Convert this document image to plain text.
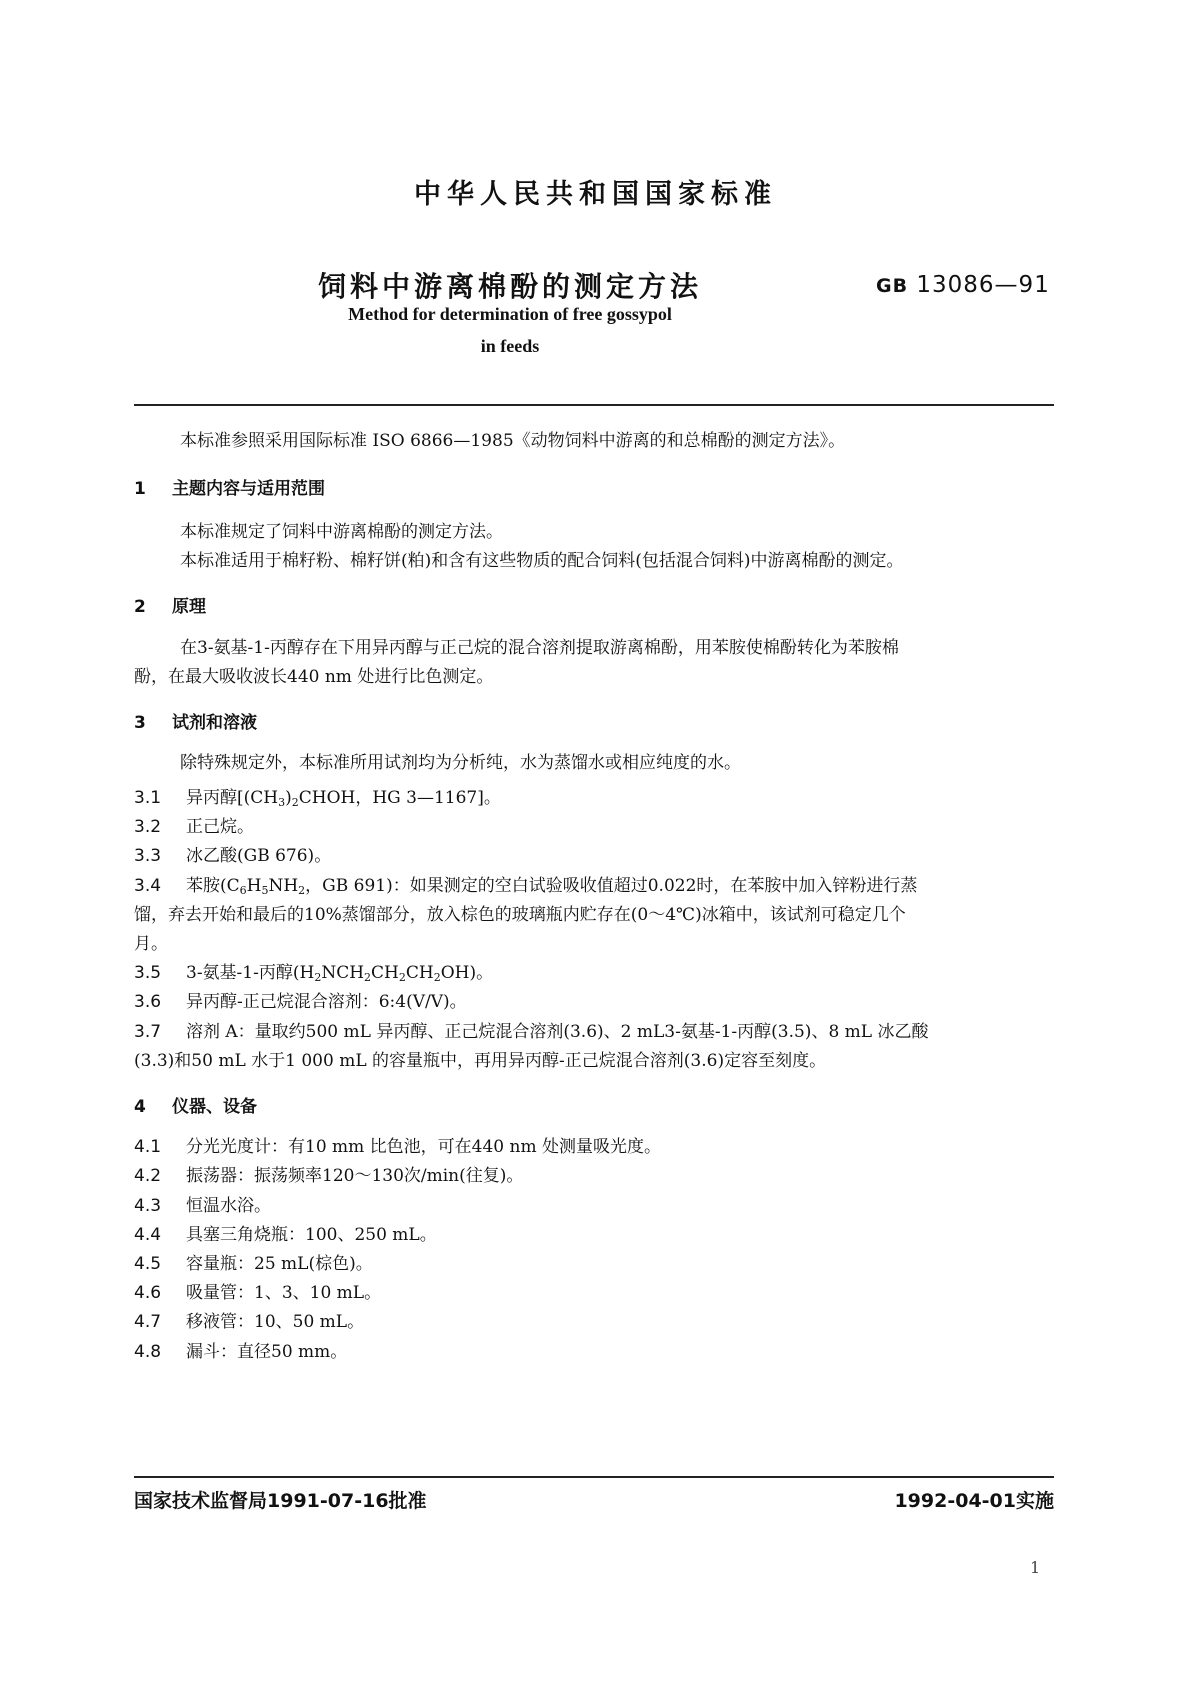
中华人民共和国国家标准
饲料中游离棉酚的测定方法	GB 13086—91
Method for determination of free gossypol
in feeds
本标准参照采用国际标准 ISO 6866—1985《动物饲料中游离的和总棉酚的测定方法》。
1 主题内容与适用范围
本标准规定了饲料中游离棉酚的测定方法。
本标准适用于棉籽粉、棉籽饼(粕)和含有这些物质的配合饲料(包括混合饲料)中游离棉酚的测定。
2 原理
在3-氨基-1-丙醇存在下用异丙醇与正己烷的混合溶剂提取游离棉酚，用苯胺使棉酚转化为苯胺棉
酚，在最大吸收波长440 nm 处进行比色测定。
3 试剂和溶液
除特殊规定外，本标准所用试剂均为分析纯，水为蒸馏水或相应纯度的水。
3.1 异丙醇[$(CH_3)_2CHOH$，HG 3—1167]。
3.2 正己烷。
3.3 冰乙酸(GB 676)。
3.4 苯胺($C_6H_5NH_2$，GB 691)：如果测定的空白试验吸收值超过0.022时，在苯胺中加入锌粉进行蒸
馏，弃去开始和最后的10%蒸馏部分，放入棕色的玻璃瓶内贮存在(0～4℃)冰箱中，该试剂可稳定几个
月。
3.5 3-氨基-1-丙醇$(H_2NCH_2CH_2CH_2OH)$。
3.6 异丙醇-正己烷混合溶剂：6:4(V/V)。
3.7 溶剂 A：量取约500 mL 异丙醇、正己烷混合溶剂(3.6)、2 mL3-氨基-1-丙醇(3.5)、8 mL 冰乙酸
(3.3)和50 mL 水于1 000 mL 的容量瓶中，再用异丙醇-正己烷混合溶剂(3.6)定容至刻度。
4 仪器、设备
4.1 分光光度计：有10 mm 比色池，可在440 nm 处测量吸光度。
4.2 振荡器：振荡频率120～130次/min(往复)。
4.3 恒温水浴。
4.4 具塞三角烧瓶：100、250 mL。
4.5 容量瓶：25 mL(棕色)。
4.6 吸量管：1、3、10 mL。
4.7 移液管：10、50 mL。
4.8 漏斗：直径50 mm。
国家技术监督局1991-07-16批准	1992-04-01实施
1
